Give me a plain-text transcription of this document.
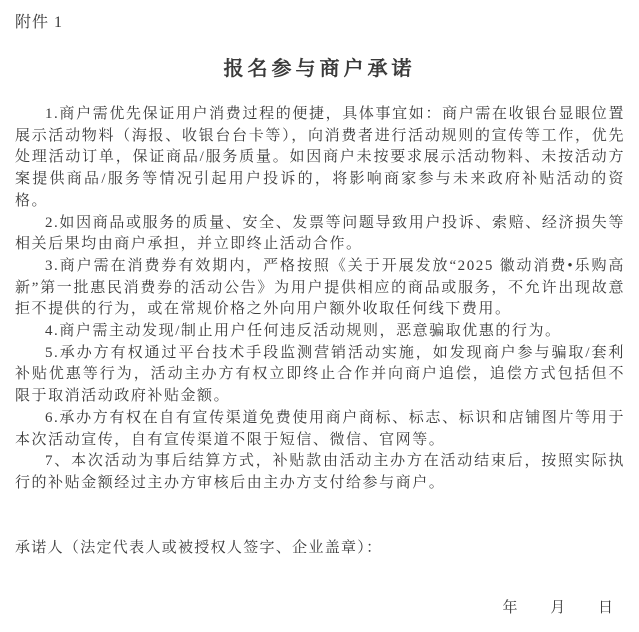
附件 1
报名参与商户承诺

1.商户需优先保证用户消费过程的便捷，具体事宜如：商户需在收银台显眼位置展示活动物料（海报、收银台台卡等），向消费者进行活动规则的宣传等工作，优先处理活动订单，保证商品/服务质量。如因商户未按要求展示活动物料、未按活动方案提供商品/服务等情况引起用户投诉的，将影响商家参与未来政府补贴活动的资格。

2.如因商品或服务的质量、安全、发票等问题导致用户投诉、索赔、经济损失等相关后果均由商户承担，并立即终止活动合作。

3.商户需在消费券有效期内，严格按照《关于开展发放“2025 徽动消费•乐购高新”第一批惠民消费券的活动公告》为用户提供相应的商品或服务，不允许出现故意拒不提供的行为，或在常规价格之外向用户额外收取任何线下费用。

4.商户需主动发现/制止用户任何违反活动规则，恶意骗取优惠的行为。

5.承办方有权通过平台技术手段监测营销活动实施，如发现商户参与骗取/套利补贴优惠等行为，活动主办方有权立即终止合作并向商户追偿，追偿方式包括但不限于取消活动政府补贴金额。

6.承办方有权在自有宣传渠道免费使用商户商标、标志、标识和店铺图片等用于本次活动宣传，自有宣传渠道不限于短信、微信、官网等。

7、本次活动为事后结算方式，补贴款由活动主办方在活动结束后，按照实际执行的补贴金额经过主办方审核后由主办方支付给参与商户。

承诺人（法定代表人或被授权人签字、企业盖章）：
年 月 日
